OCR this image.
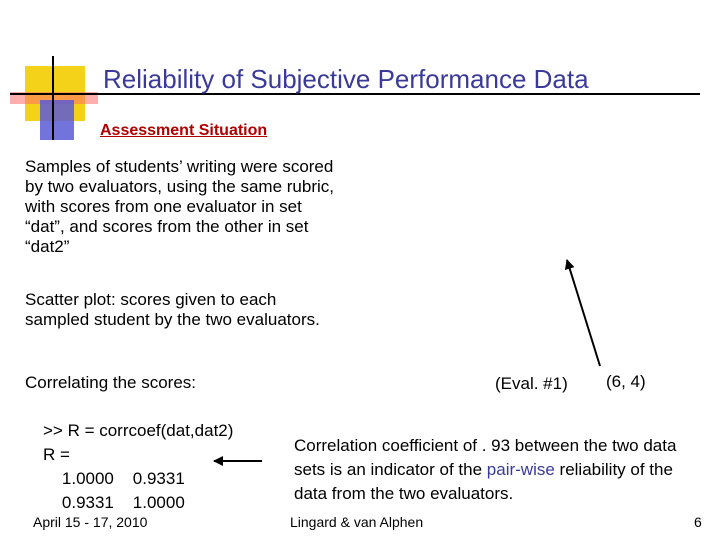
Reliability of Subjective Performance Data
Assessment Situation
Samples of students’ writing were scored by two evaluators, using the same rubric, with scores from one evaluator in set “dat”, and scores from the other in set “dat2”
Scatter plot: scores given to each sampled student by the two evaluators.
Correlating the scores:
>> R = corrcoef(dat,dat2)
R =
1.0000    0.9331
0.9331    1.0000
(Eval. #1) (6, 4)
Correlation coefficient of . 93 between the two data sets is an indicator of the pair-wise reliability of the data from the two evaluators.
April 15 - 17, 2010	Lingard & van Alphen	6
